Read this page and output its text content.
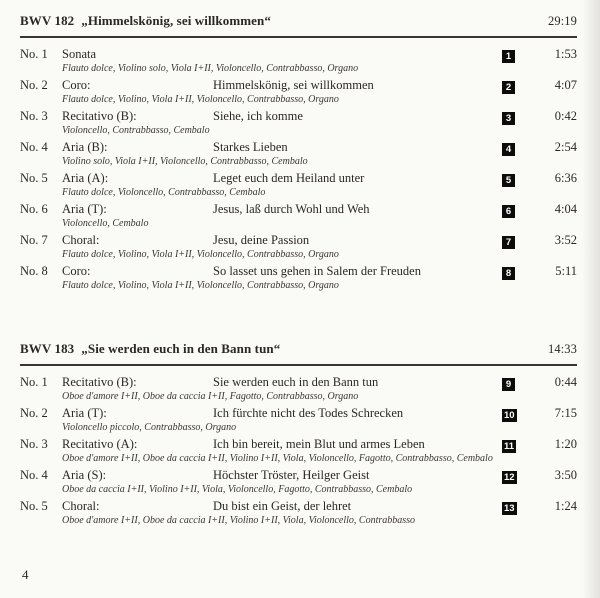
BWV 182 „Himmelskönig, sei willkommen“	29:19
No. 1	Sonata	1	1:53
Flauto dolce, Violino solo, Viola I+II, Violoncello, Contrabbasso, Organo
No. 2	Coro:	Himmelskönig, sei willkommen	2	4:07
Flauto dolce, Violino, Viola I+II, Violoncello, Contrabbasso, Organo
No. 3	Recitativo (B):	Siehe, ich komme	3	0:42
Violoncello, Contrabbasso, Cembalo
No. 4	Aria (B):	Starkes Lieben	4	2:54
Violino solo, Viola I+II, Violoncello, Contrabbasso, Cembalo
No. 5	Aria (A):	Leget euch dem Heiland unter	5	6:36
Flauto dolce, Violoncello, Contrabbasso, Cembalo
No. 6	Aria (T):	Jesus, laß durch Wohl und Weh	6	4:04
Violoncello, Cembalo
No. 7	Choral:	Jesu, deine Passion	7	3:52
Flauto dolce, Violino, Viola I+II, Violoncello, Contrabbasso, Organo
No. 8	Coro:	So lasset uns gehen in Salem der Freuden	8	5:11
Flauto dolce, Violino, Viola I+II, Violoncello, Contrabbasso, Organo
BWV 183 „Sie werden euch in den Bann tun“	14:33
No. 1	Recitativo (B):	Sie werden euch in den Bann tun	9	0:44
Oboe d'amore I+II, Oboe da caccia I+II, Fagotto, Contrabbasso, Organo
No. 2	Aria (T):	Ich fürchte nicht des Todes Schrecken	10	7:15
Violoncello piccolo, Contrabbasso, Organo
No. 3	Recitativo (A):	Ich bin bereit, mein Blut und armes Leben	11	1:20
Oboe d'amore I+II, Oboe da caccia I+II, Violino I+II, Viola, Violoncello, Fagotto, Contrabbasso, Cembalo
No. 4	Aria (S):	Höchster Tröster, Heilger Geist	12	3:50
Oboe da caccia I+II, Violino I+II, Viola, Violoncello, Fagotto, Contrabbasso, Cembalo
No. 5	Choral:	Du bist ein Geist, der lehret	13	1:24
Oboe d'amore I+II, Oboe da caccia I+II, Violino I+II, Viola, Violoncello, Contrabbasso
4
